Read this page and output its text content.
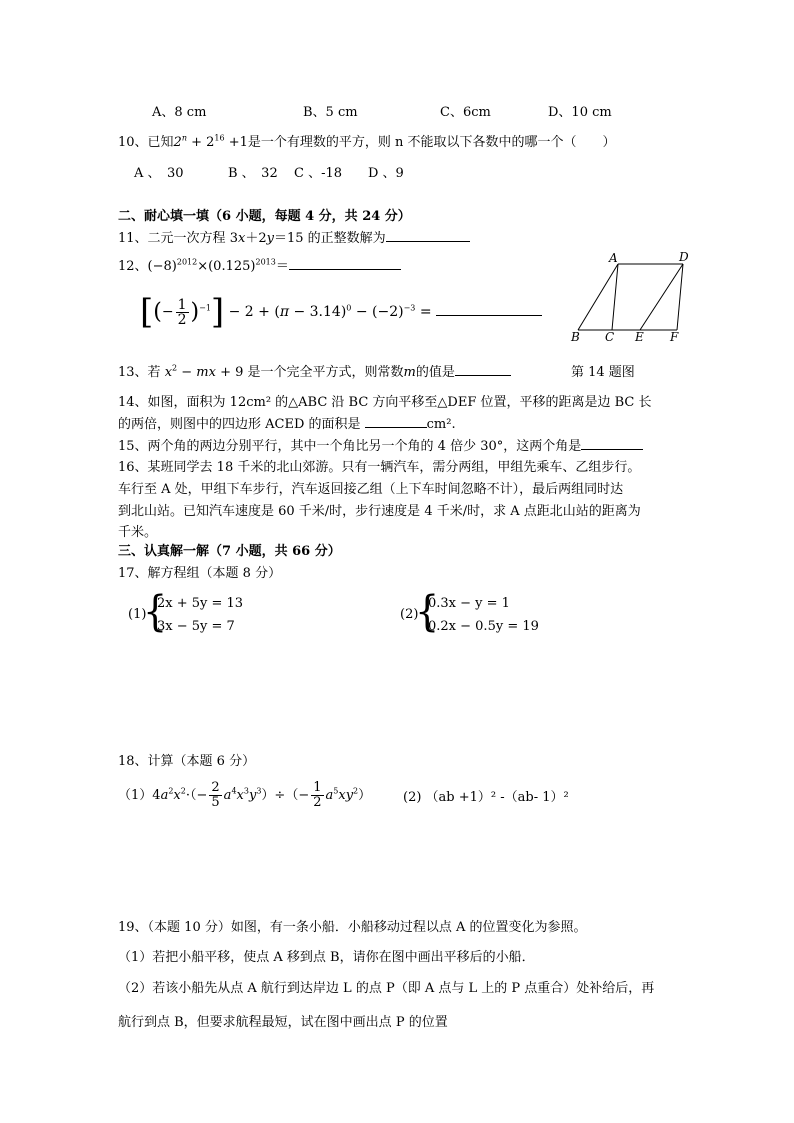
A、8 cm	B、5 cm	C、6cm	D、10 cm
10、已知$2^n + 2^{16} +1$是一个有理数的平方，则 n 不能取以下各数中的哪一个（　　）
A 、　30	B 、　32 C 、-18 D 、9
二、耐心填一填（6 小题，每题 4 分，共 24 分）
11、二元一次方程 3x＋2y＝15 的正整数解为
12、$(-8)^{2012}\times(0.125)^{2013}=$
[(− $\frac{1}{2} )^{-1}] - 2 + (\pi - 3.14)^0 - (-2)^{-3}$ =
A	D
B C E F
13、若 $x^2$ − mx + 9 是一个完全平方式，则常数m的值是	第 14 题图
14、如图，面积为 12cm² 的△ABC 沿 BC 方向平移至△DEF 位置，平移的距离是边 BC 长
的两倍，则图中的四边形 ACED 的面积是	cm².
15、两个角的两边分别平行，其中一个角比另一个角的 4 倍少 30°，这两个角是
16、某班同学去 18 千米的北山郊游。只有一辆汽车，需分两组，甲组先乘车、乙组步行。
车行至 A 处，甲组下车步行，汽车返回接乙组（上下车时间忽略不计），最后两组同时达
到北山站。已知汽车速度是 60 千米/时，步行速度是 4 千米/时，求 A 点距北山站的距离为
千米。
三、认真解一解（7 小题，共 66 分）
17、解方程组（本题 8 分）
(1)
{
2x + 5y = 13
3x − 5y = 7
(2)
{
0.3x − y = 1
0.2x − 0.5y = 19
18、计算（本题 6 分）
$(1)4a^2x^2\cdot(- \frac{2}{5} a^4x^3y^3)\div(- \frac{1}{2} a^5xy^2)$ (2) （ab +1）² -（ab- 1）²
19、（本题 10 分）如图，有一条小船．小船移动过程以点 A 的位置变化为参照。
（1）若把小船平移，使点 A 移到点 B，请你在图中画出平移后的小船．
（2）若该小船先从点 A 航行到达岸边 L 的点 P（即 A 点与 L 上的 P 点重合）处补给后，再
航行到点 B，但要求航程最短，试在图中画出点 P 的位置
